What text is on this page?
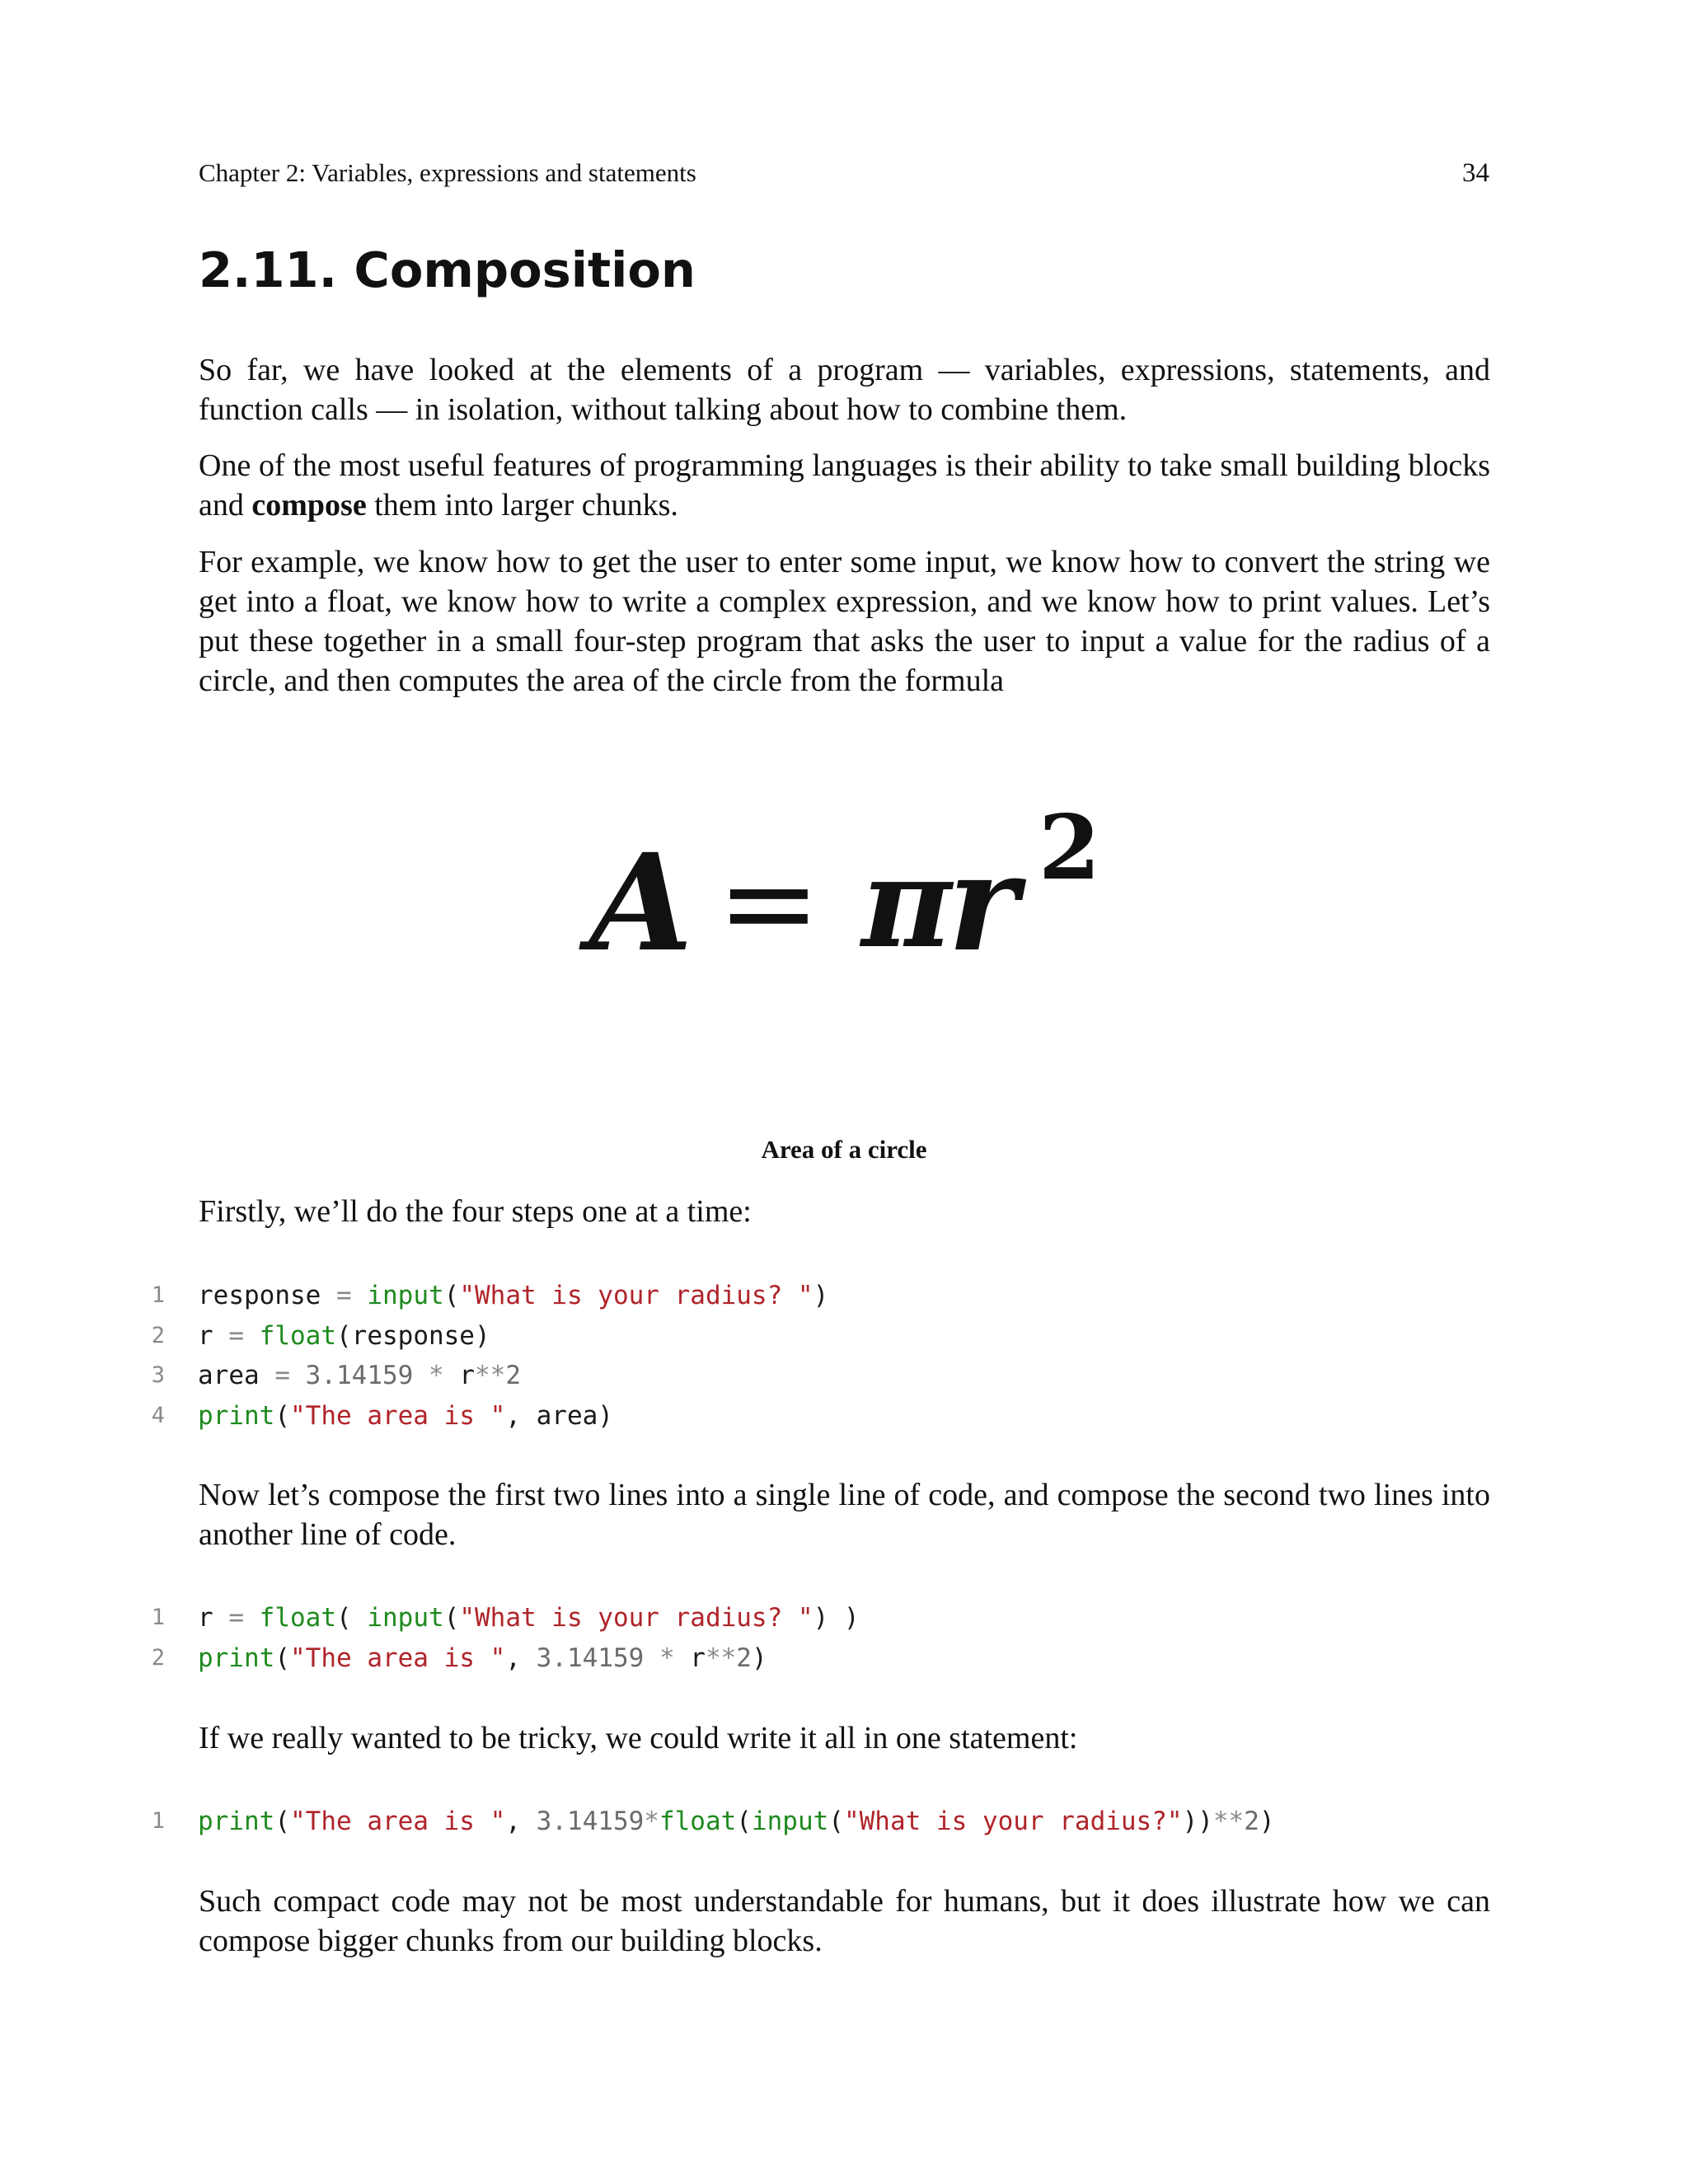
Chapter 2: Variables, expressions and statements	34
2.11. Composition

So far, we have looked at the elements of a program — variables, expressions, statements, and function calls — in isolation, without talking about how to combine them.

One of the most useful features of programming languages is their ability to take small building blocks and compose them into larger chunks.

For example, we know how to get the user to enter some input, we know how to convert the string we get into a float, we know how to write a complex expression, and we know how to print values. Let’s put these together in a small four-step program that asks the user to input a value for the radius of a circle, and then computes the area of the circle from the formula

A = π
r 2
Area of a circle

Firstly, we’ll do the four steps one at a time:

1 response = input("What is your radius? ")
2 r = float(response)
3 area = 3.14159 * r**2
4 print("The area is ", area)

Now let’s compose the first two lines into a single line of code, and compose the second two lines into another line of code.

1 r = float( input("What is your radius? ") )
2 print("The area is ", 3.14159 * r**2)

If we really wanted to be tricky, we could write it all in one statement:

1 print("The area is ", 3.14159*float(input("What is your radius?"))**2)

Such compact code may not be most understandable for humans, but it does illustrate how we can compose bigger chunks from our building blocks.
